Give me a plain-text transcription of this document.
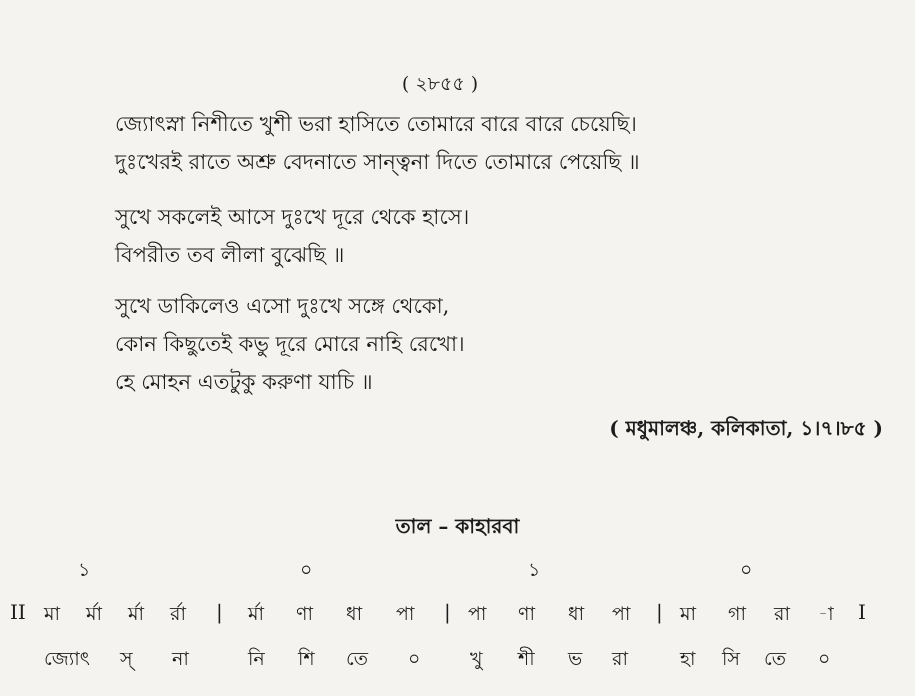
( ২৮৫৫ )
জ্যোৎস্না নিশীতে খুশী ভরা হাসিতে তোমারে বারে বারে চেয়েছি।
দুঃখেরই রাতে অশ্রু বেদনাতে সান্ত্বনা দিতে তোমারে পেয়েছি ॥
সুখে সকলেই আসে দুঃখে দূরে থেকে হাসে।
বিপরীত তব লীলা বুঝেছি ॥
সুখে ডাকিলেও এসো দুঃখে সঙ্গে থেকো,
কোন কিছুতেই কভু দূরে মোরে নাহি রেখো।
হে মোহন এতটুকু করুণা যাচি ॥
( মধুমালঞ্চ, কলিকাতা, ১।৭।৮৫ )
তাল – কাহারবা
১	০	১	০
II মা র্মা র্মা র্রা | র্মা ণা ধা পা | পা ণা ধা পা | মা গা রা -া I
জ্যোৎ স্ না	নি শি তে ০	খু শী ভ রা	হা সি তে ০
